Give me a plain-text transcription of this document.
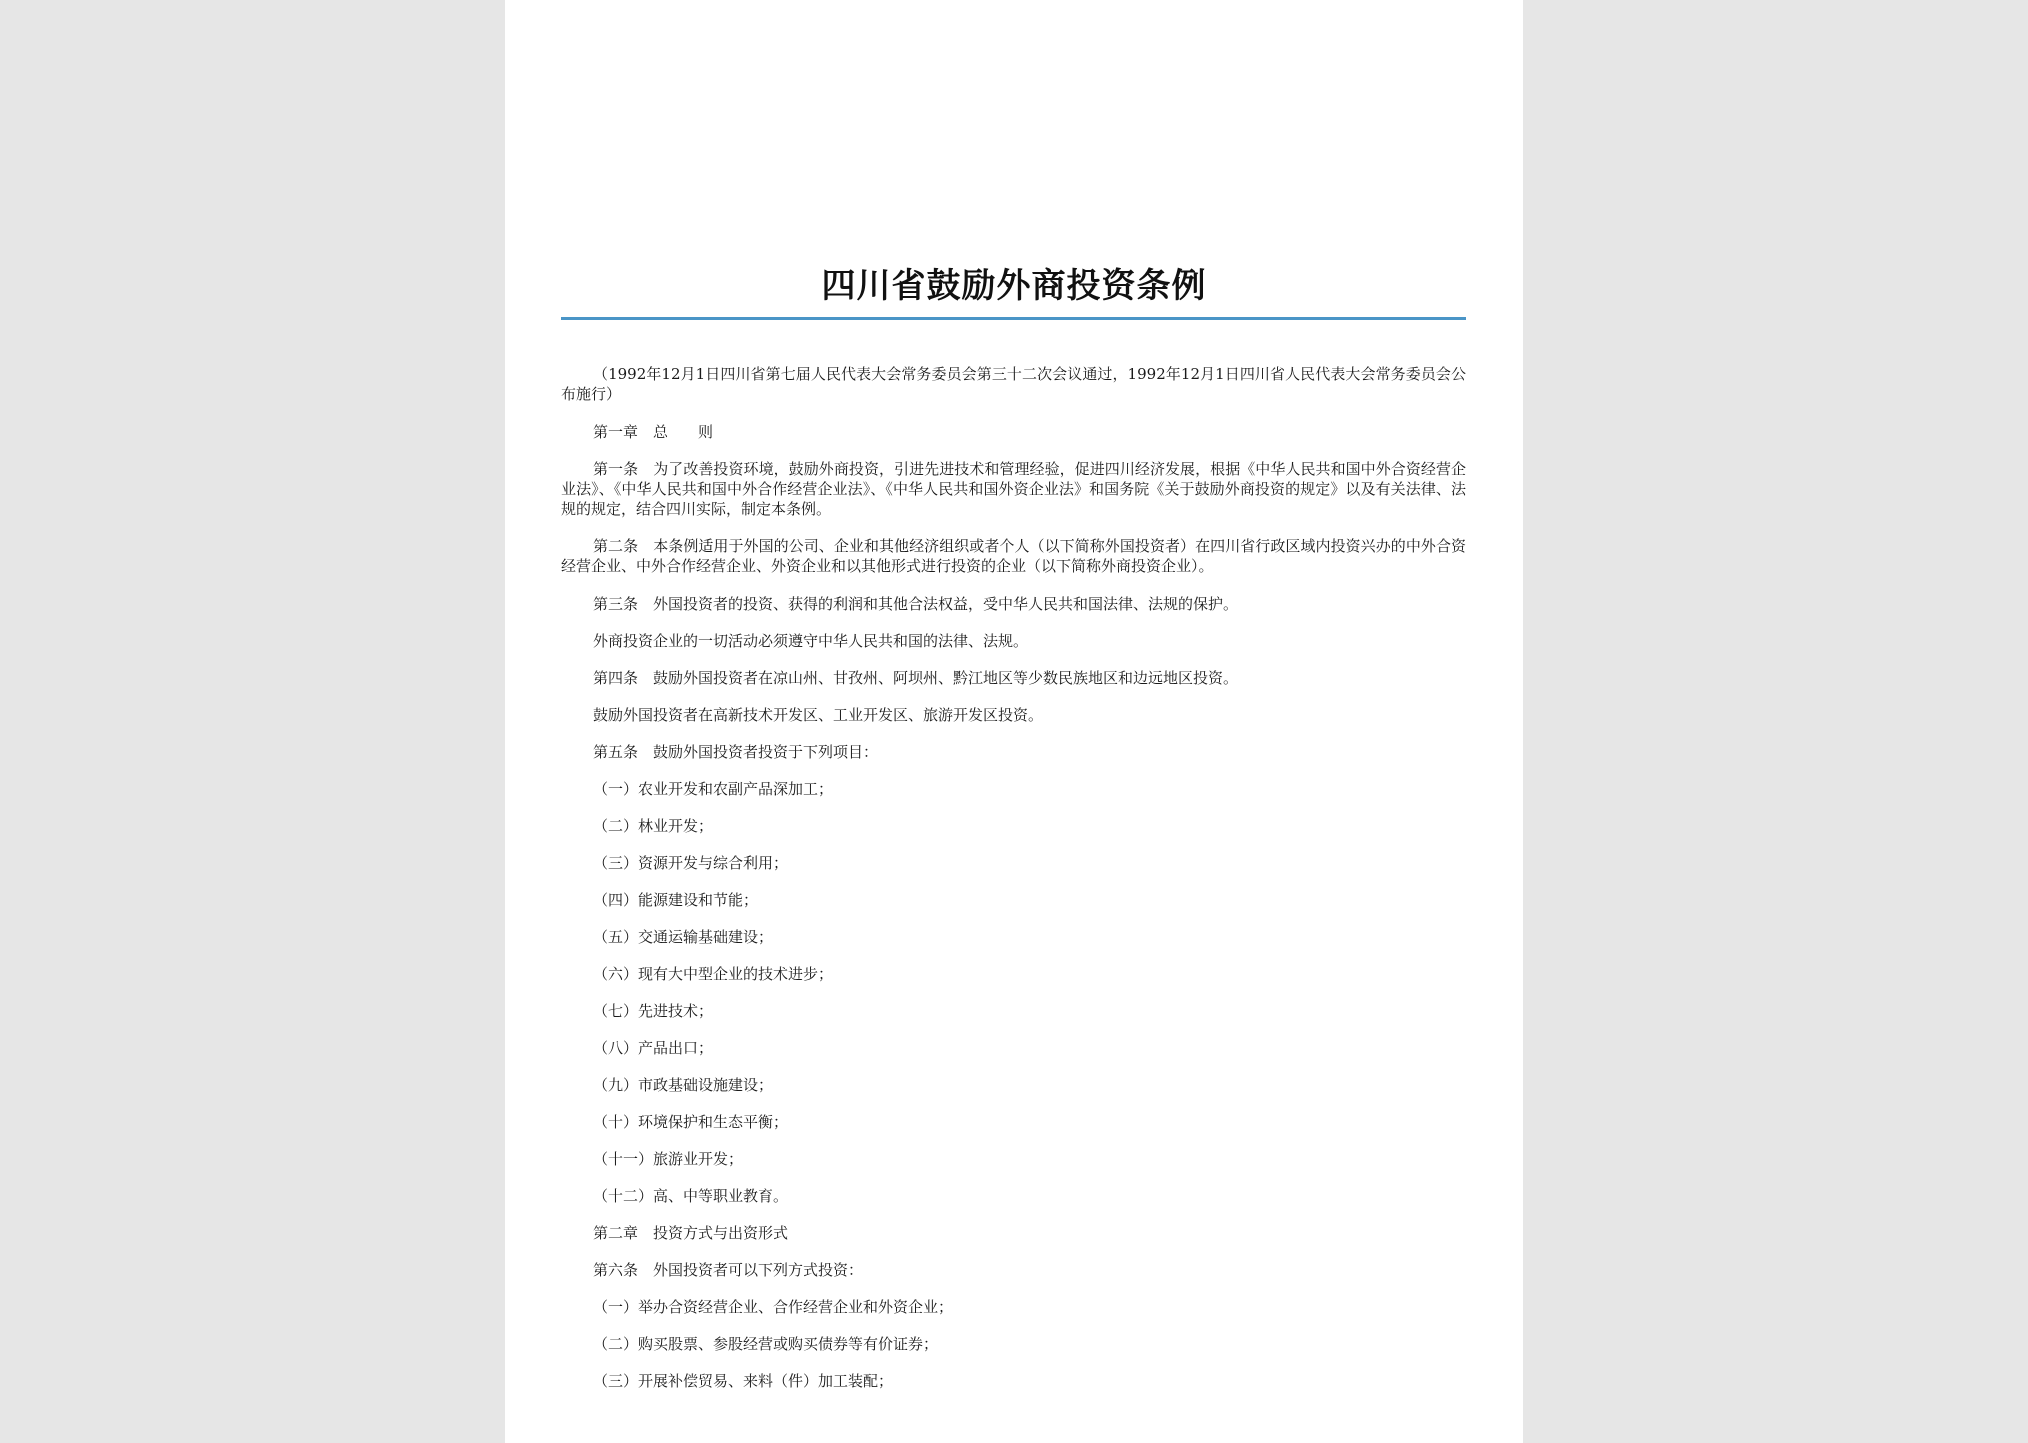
四川省鼓励外商投资条例

（1992年12月1日四川省第七届人民代表大会常务委员会第三十二次会议通过，1992年12月1日四川省人民代表大会常务委员会公布施行）

第一章　总　　则

第一条　为了改善投资环境，鼓励外商投资，引进先进技术和管理经验，促进四川经济发展，根据《中华人民共和国中外合资经营企业法》、《中华人民共和国中外合作经营企业法》、《中华人民共和国外资企业法》和国务院《关于鼓励外商投资的规定》以及有关法律、法规的规定，结合四川实际，制定本条例。

第二条　本条例适用于外国的公司、企业和其他经济组织或者个人（以下简称外国投资者）在四川省行政区域内投资兴办的中外合资经营企业、中外合作经营企业、外资企业和以其他形式进行投资的企业（以下简称外商投资企业）。

第三条　外国投资者的投资、获得的利润和其他合法权益，受中华人民共和国法律、法规的保护。

外商投资企业的一切活动必须遵守中华人民共和国的法律、法规。

第四条　鼓励外国投资者在凉山州、甘孜州、阿坝州、黔江地区等少数民族地区和边远地区投资。

鼓励外国投资者在高新技术开发区、工业开发区、旅游开发区投资。

第五条　鼓励外国投资者投资于下列项目：

（一）农业开发和农副产品深加工；

（二）林业开发；

（三）资源开发与综合利用；

（四）能源建设和节能；

（五）交通运输基础建设；

（六）现有大中型企业的技术进步；

（七）先进技术；

（八）产品出口；

（九）市政基础设施建设；

（十）环境保护和生态平衡；

（十一）旅游业开发；

（十二）高、中等职业教育。

第二章　投资方式与出资形式

第六条　外国投资者可以下列方式投资：

（一）举办合资经营企业、合作经营企业和外资企业；

（二）购买股票、参股经营或购买债券等有价证券；

（三）开展补偿贸易、来料（件）加工装配；
